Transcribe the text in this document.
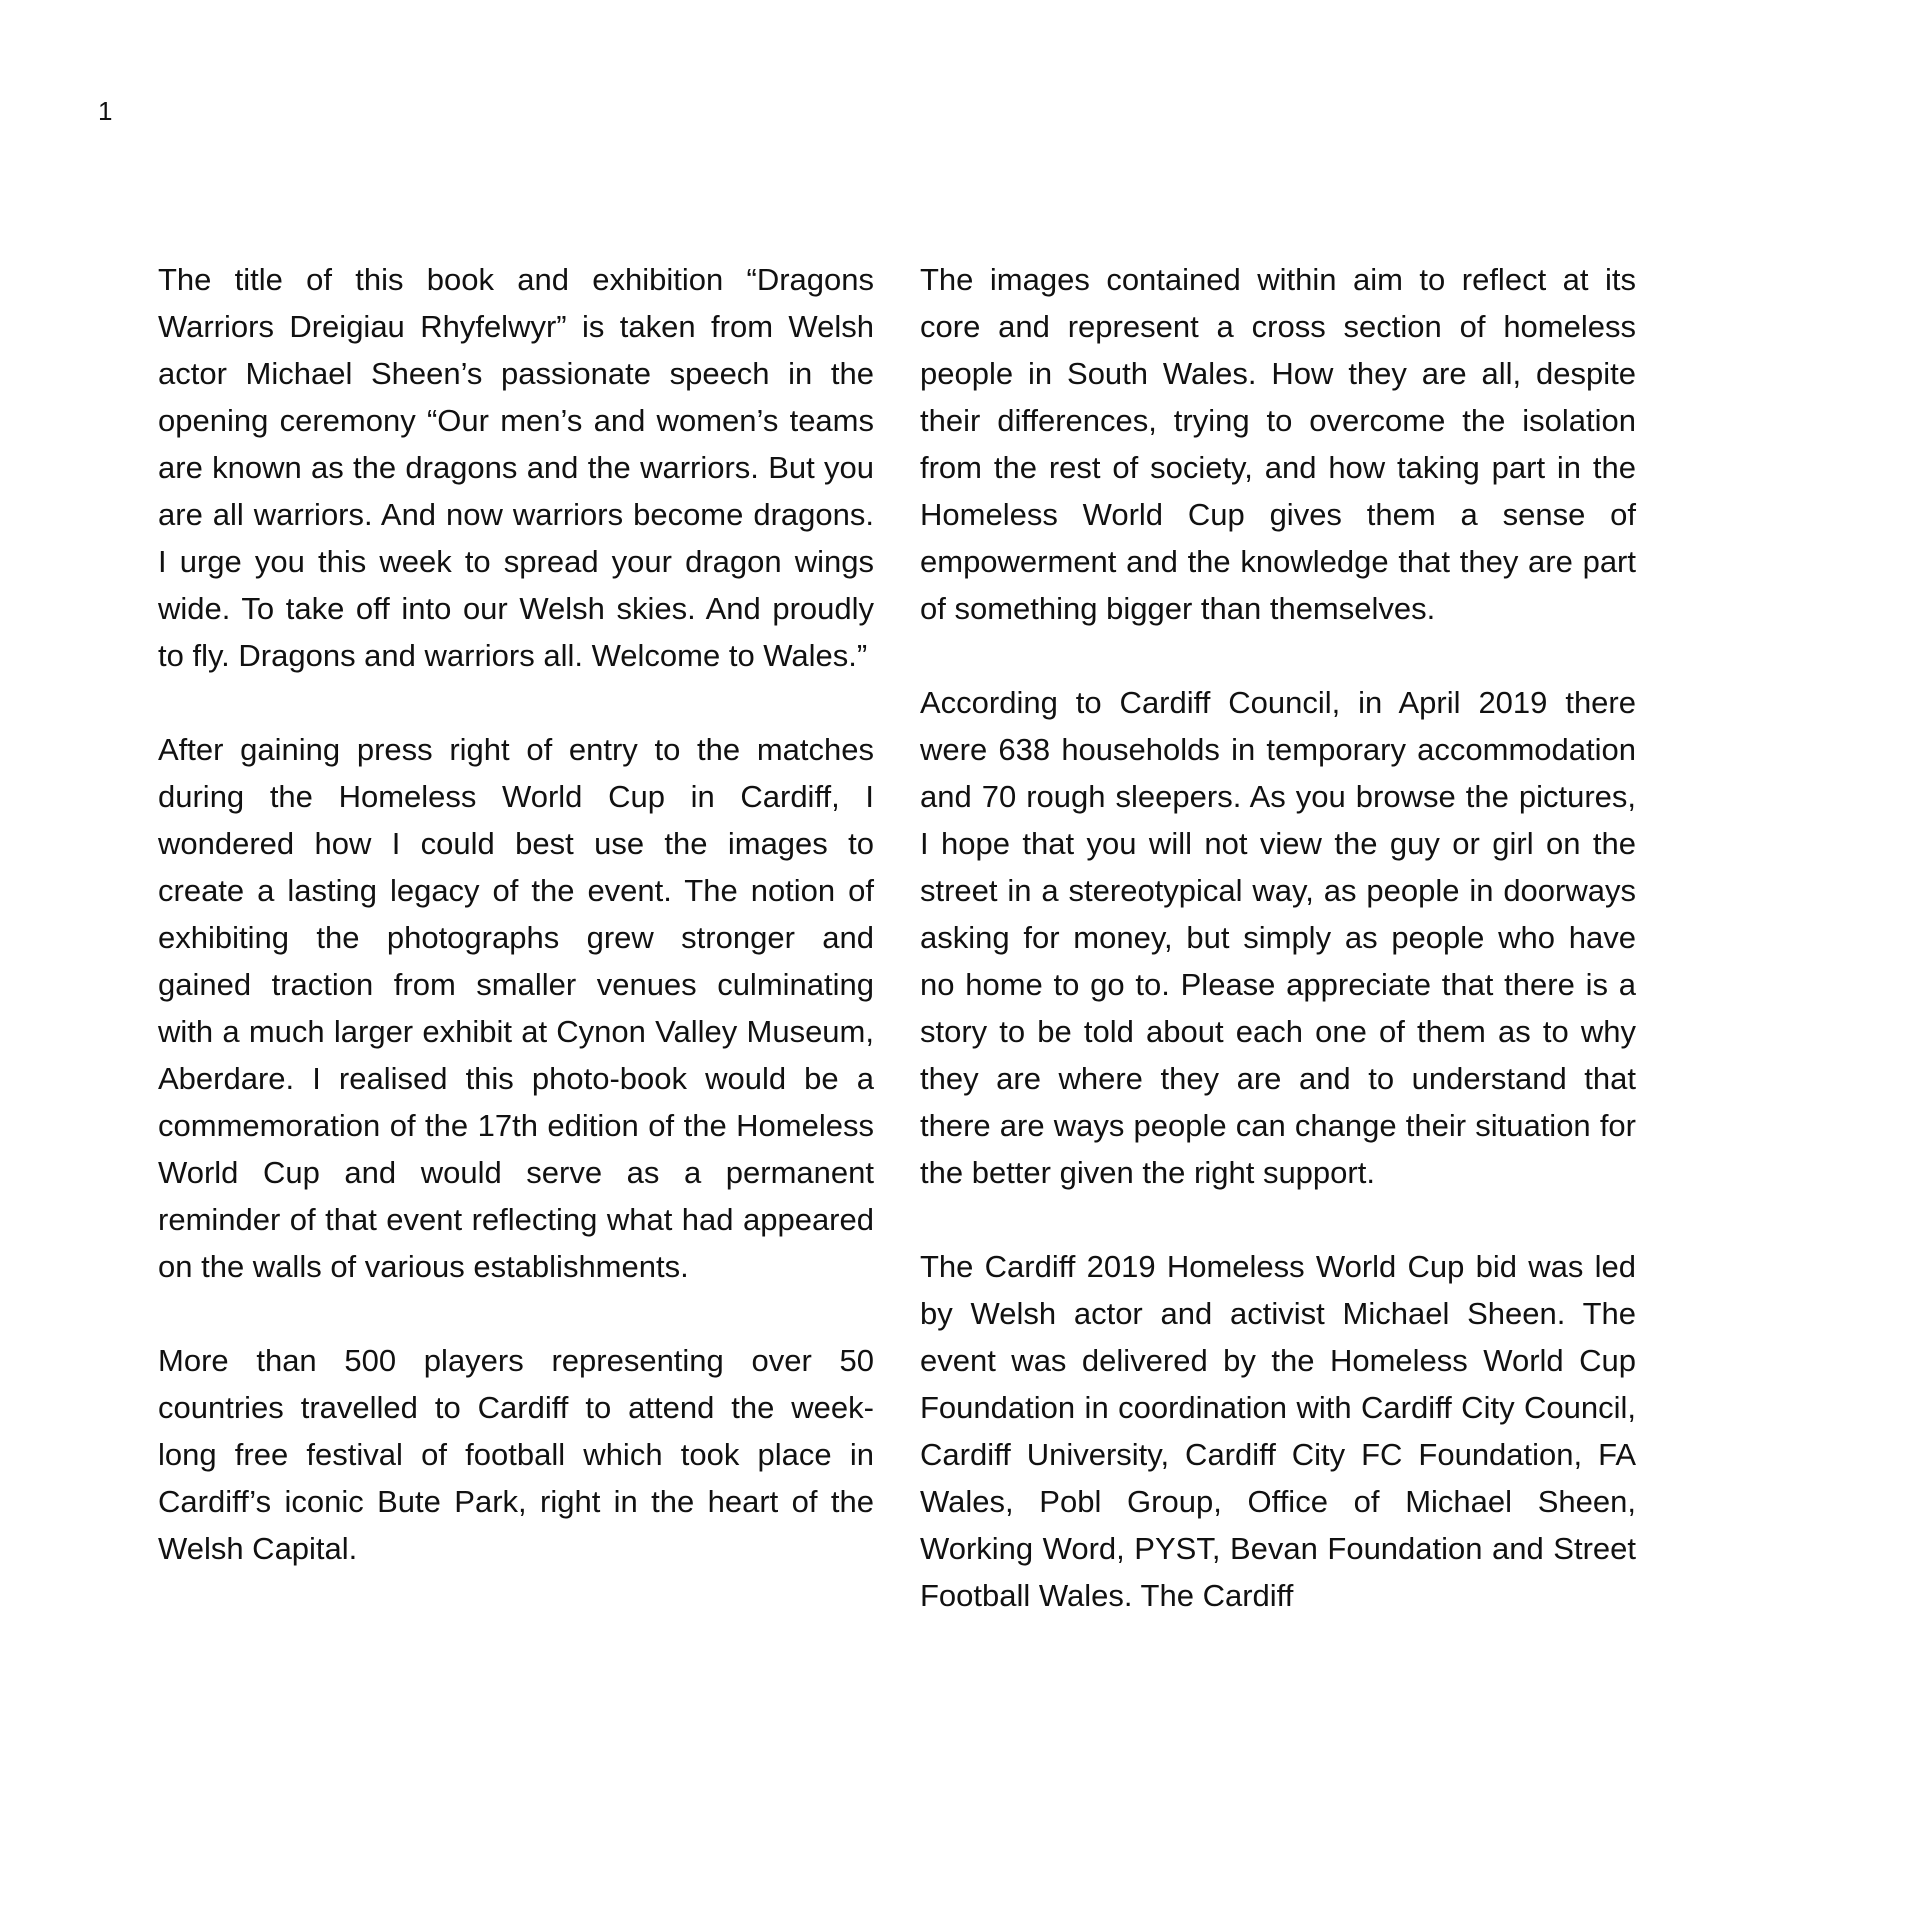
1

The title of this book and exhibition “Dragons Warriors Dreigiau Rhyfelwyr” is taken from Welsh actor Michael Sheen’s passionate speech in the opening ceremony “Our men’s and women’s teams are known as the dragons and the warriors. But you are all warriors. And now warriors become dragons. I urge you this week to spread your dragon wings wide. To take off into our Welsh skies. And proudly to fly. Dragons and warriors all. Welcome to Wales.”

After gaining press right of entry to the matches during the Homeless World Cup in Cardiff, I wondered how I could best use the images to create a lasting legacy of the event. The notion of exhibiting the photographs grew stronger and gained traction from smaller venues culminating with a much larger exhibit at Cynon Valley Museum, Aberdare. I realised this photo-book would be a commemoration of the 17th edition of the Homeless World Cup and would serve as a permanent reminder of that event reflecting what had appeared on the walls of various establishments.

More than 500 players representing over 50 countries travelled to Cardiff to attend the week-long free festival of football which took place in Cardiff’s iconic Bute Park, right in the heart of the Welsh Capital.

The images contained within aim to reflect at its core and represent a cross section of homeless people in South Wales. How they are all, despite their differences, trying to overcome the isolation from the rest of society, and how taking part in the Homeless World Cup gives them a sense of empowerment and the knowledge that they are part of something bigger than themselves.

According to Cardiff Council, in April 2019 there were 638 households in temporary accommodation and 70 rough sleepers. As you browse the pictures, I hope that you will not view the guy or girl on the street in a stereotypical way, as people in doorways asking for money, but simply as people who have no home to go to. Please appreciate that there is a story to be told about each one of them as to why they are where they are and to understand that there are ways people can change their situation for the better given the right support.

The Cardiff 2019 Homeless World Cup bid was led by Welsh actor and activist Michael Sheen. The event was delivered by the Homeless World Cup Foundation in coordination with Cardiff City Council, Cardiff University, Cardiff City FC Foundation, FA Wales, Pobl Group, Office of Michael Sheen, Working Word, PYST, Bevan Foundation and Street Football Wales. The Cardiff
